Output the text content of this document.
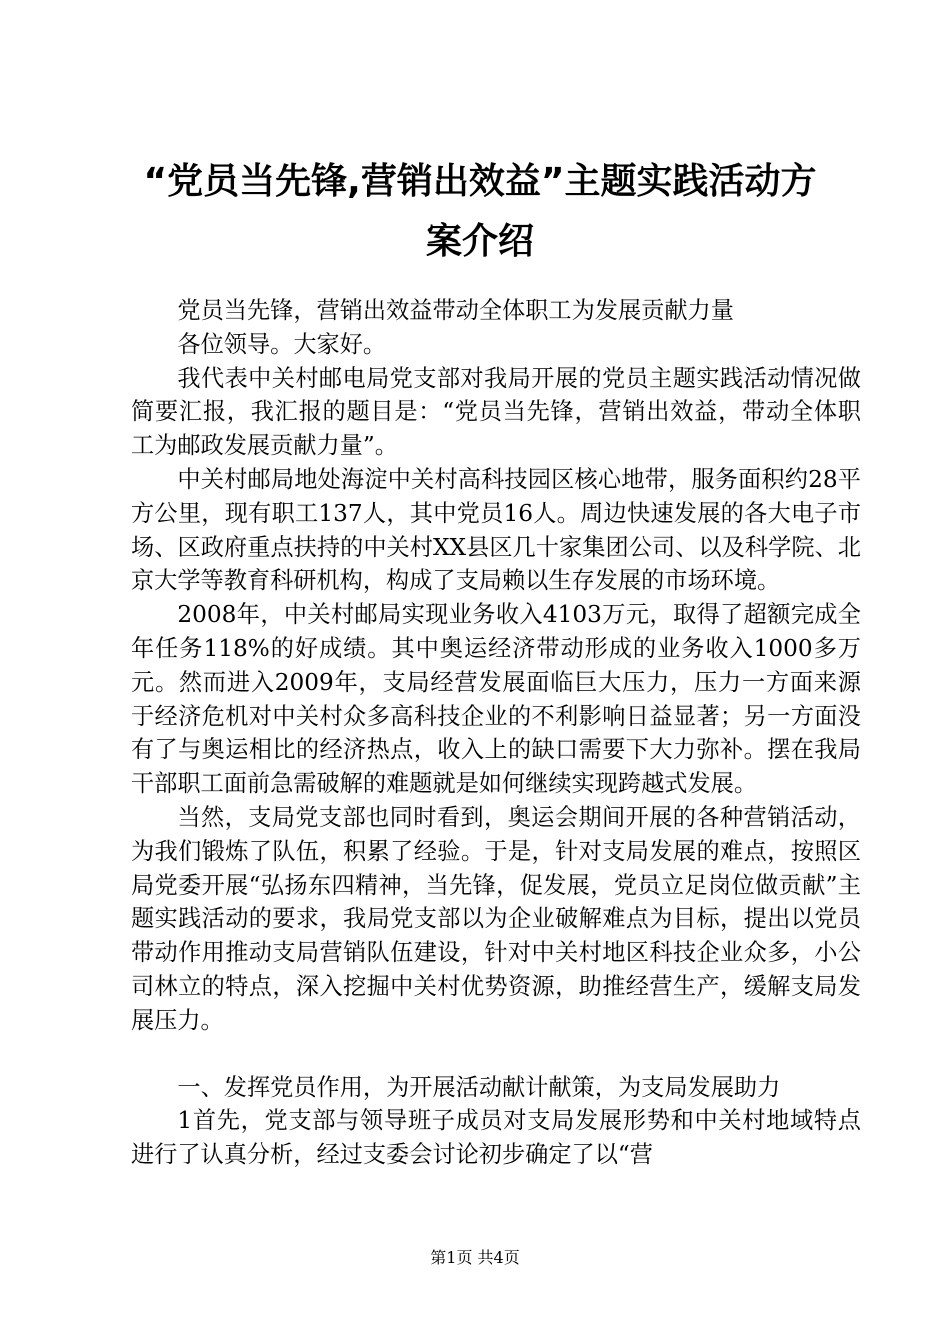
“党员当先锋,营销出效益”主题实践活动方
案介绍

党员当先锋，营销出效益带动全体职工为发展贡献力量

各位领导。大家好。

我代表中关村邮电局党支部对我局开展的党员主题实践活动情况做简要汇报，我汇报的题目是：“党员当先锋，营销出效益，带动全体职工为邮政发展贡献力量”。

中关村邮局地处海淀中关村高科技园区核心地带，服务面积约28平方公里，现有职工137人，其中党员16人。周边快速发展的各大电子市场、区政府重点扶持的中关村XX县区几十家集团公司、以及科学院、北京大学等教育科研机构，构成了支局赖以生存发展的市场环境。

2008年，中关村邮局实现业务收入4103万元，取得了超额完成全年任务118%的好成绩。其中奥运经济带动形成的业务收入1000多万元。然而进入2009年，支局经营发展面临巨大压力，压力一方面来源于经济危机对中关村众多高科技企业的不利影响日益显著；另一方面没有了与奥运相比的经济热点，收入上的缺口需要下大力弥补。摆在我局干部职工面前急需破解的难题就是如何继续实现跨越式发展。

当然，支局党支部也同时看到，奥运会期间开展的各种营销活动，为我们锻炼了队伍，积累了经验。于是，针对支局发展的难点，按照区局党委开展“弘扬东四精神，当先锋，促发展，党员立足岗位做贡献”主题实践活动的要求，我局党支部以为企业破解难点为目标，提出以党员带动作用推动支局营销队伍建设，针对中关村地区科技企业众多，小公司林立的特点，深入挖掘中关村优势资源，助推经营生产，缓解支局发展压力。

一、发挥党员作用，为开展活动献计献策，为支局发展助力

1首先，党支部与领导班子成员对支局发展形势和中关村地域特点进行了认真分析，经过支委会讨论初步确定了以“营

第1页 共4页
